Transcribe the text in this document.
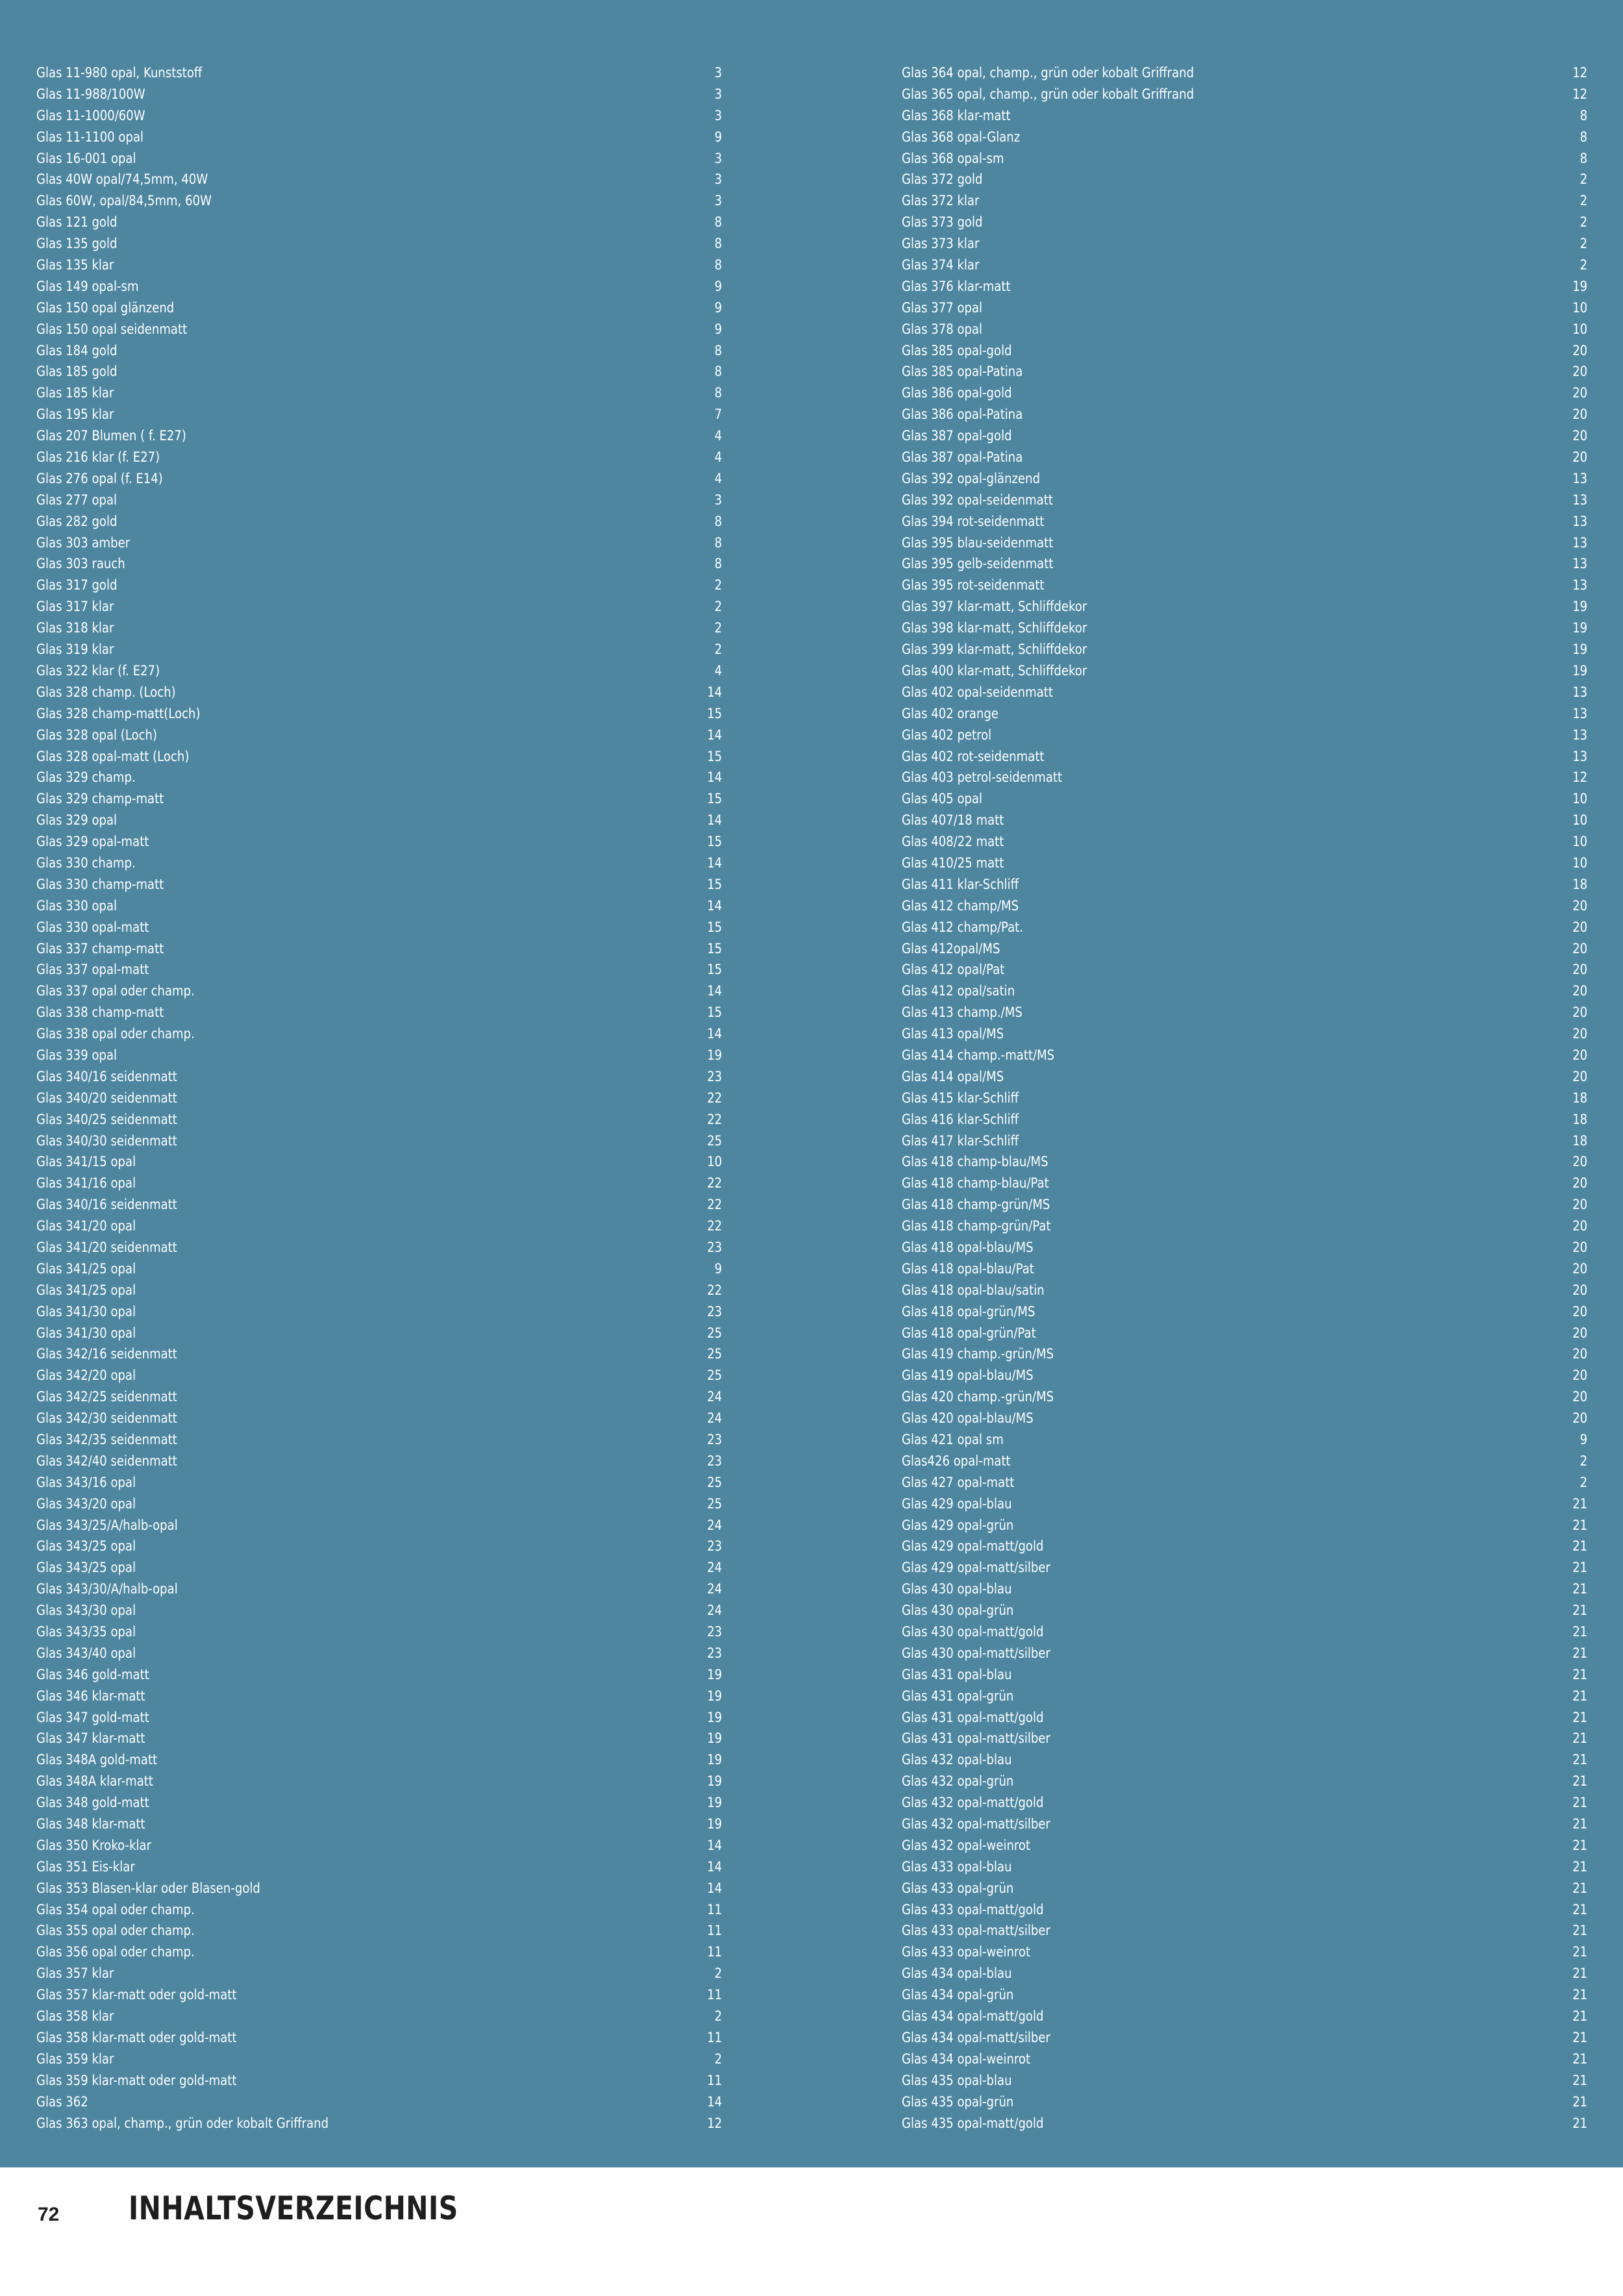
Glas 11-980 opal, Kunststoff	3
Glas 11-988/100W	3
Glas 11-1000/60W	3
Glas 11-1100 opal	9
Glas 16-001 opal	3
Glas 40W opal/74,5mm, 40W	3
Glas 60W, opal/84,5mm, 60W	3
Glas 121 gold	8
Glas 135 gold	8
Glas 135 klar	8
Glas 149 opal-sm	9
Glas 150 opal glänzend	9
Glas 150 opal seidenmatt	9
Glas 184 gold	8
Glas 185 gold	8
Glas 185 klar	8
Glas 195 klar	7
Glas 207 Blumen ( f. E27)	4
Glas 216 klar (f. E27)	4
Glas 276 opal (f. E14)	4
Glas 277 opal	3
Glas 282 gold	8
Glas 303 amber	8
Glas 303 rauch	8
Glas 317 gold	2
Glas 317 klar	2
Glas 318 klar	2
Glas 319 klar	2
Glas 322 klar (f. E27)	4
Glas 328 champ. (Loch)	14
Glas 328 champ-matt(Loch)	15
Glas 328 opal (Loch)	14
Glas 328 opal-matt (Loch)	15
Glas 329 champ.	14
Glas 329 champ-matt	15
Glas 329 opal	14
Glas 329 opal-matt	15
Glas 330 champ.	14
Glas 330 champ-matt	15
Glas 330 opal	14
Glas 330 opal-matt	15
Glas 337 champ-matt	15
Glas 337 opal-matt	15
Glas 337 opal oder champ.	14
Glas 338 champ-matt	15
Glas 338 opal oder champ.	14
Glas 339 opal	19
Glas 340/16 seidenmatt	23
Glas 340/20 seidenmatt	22
Glas 340/25 seidenmatt	22
Glas 340/30 seidenmatt	25
Glas 341/15 opal	10
Glas 341/16 opal	22
Glas 340/16 seidenmatt	22
Glas 341/20 opal	22
Glas 341/20 seidenmatt	23
Glas 341/25 opal	9
Glas 341/25 opal	22
Glas 341/30 opal	23
Glas 341/30 opal	25
Glas 342/16 seidenmatt	25
Glas 342/20 opal	25
Glas 342/25 seidenmatt	24
Glas 342/30 seidenmatt	24
Glas 342/35 seidenmatt	23
Glas 342/40 seidenmatt	23
Glas 343/16 opal	25
Glas 343/20 opal	25
Glas 343/25/A/halb-opal	24
Glas 343/25 opal	23
Glas 343/25 opal	24
Glas 343/30/A/halb-opal	24
Glas 343/30 opal	24
Glas 343/35 opal	23
Glas 343/40 opal	23
Glas 346 gold-matt	19
Glas 346 klar-matt	19
Glas 347 gold-matt	19
Glas 347 klar-matt	19
Glas 348A gold-matt	19
Glas 348A klar-matt	19
Glas 348 gold-matt	19
Glas 348 klar-matt	19
Glas 350 Kroko-klar	14
Glas 351 Eis-klar	14
Glas 353 Blasen-klar oder Blasen-gold	14
Glas 354 opal oder champ.	11
Glas 355 opal oder champ.	11
Glas 356 opal oder champ.	11
Glas 357 klar	2
Glas 357 klar-matt oder gold-matt	11
Glas 358 klar	2
Glas 358 klar-matt oder gold-matt	11
Glas 359 klar	2
Glas 359 klar-matt oder gold-matt	11
Glas 362	14
Glas 363 opal, champ., grün oder kobalt Griffrand	12
Glas 364 opal, champ., grün oder kobalt Griffrand	12
Glas 365 opal, champ., grün oder kobalt Griffrand	12
Glas 368 klar-matt	8
Glas 368 opal-Glanz	8
Glas 368 opal-sm	8
Glas 372 gold	2
Glas 372 klar	2
Glas 373 gold	2
Glas 373 klar	2
Glas 374 klar	2
Glas 376 klar-matt	19
Glas 377 opal	10
Glas 378 opal	10
Glas 385 opal-gold	20
Glas 385 opal-Patina	20
Glas 386 opal-gold	20
Glas 386 opal-Patina	20
Glas 387 opal-gold	20
Glas 387 opal-Patina	20
Glas 392 opal-glänzend	13
Glas 392 opal-seidenmatt	13
Glas 394 rot-seidenmatt	13
Glas 395 blau-seidenmatt	13
Glas 395 gelb-seidenmatt	13
Glas 395 rot-seidenmatt	13
Glas 397 klar-matt, Schliffdekor	19
Glas 398 klar-matt, Schliffdekor	19
Glas 399 klar-matt, Schliffdekor	19
Glas 400 klar-matt, Schliffdekor	19
Glas 402 opal-seidenmatt	13
Glas 402 orange	13
Glas 402 petrol	13
Glas 402 rot-seidenmatt	13
Glas 403 petrol-seidenmatt	12
Glas 405 opal	10
Glas 407/18 matt	10
Glas 408/22 matt	10
Glas 410/25 matt	10
Glas 411 klar-Schliff	18
Glas 412 champ/MS	20
Glas 412 champ/Pat.	20
Glas 412opal/MS	20
Glas 412 opal/Pat	20
Glas 412 opal/satin	20
Glas 413 champ./MS	20
Glas 413 opal/MS	20
Glas 414 champ.-matt/MS	20
Glas 414 opal/MS	20
Glas 415 klar-Schliff	18
Glas 416 klar-Schliff	18
Glas 417 klar-Schliff	18
Glas 418 champ-blau/MS	20
Glas 418 champ-blau/Pat	20
Glas 418 champ-grün/MS	20
Glas 418 champ-grün/Pat	20
Glas 418 opal-blau/MS	20
Glas 418 opal-blau/Pat	20
Glas 418 opal-blau/satin	20
Glas 418 opal-grün/MS	20
Glas 418 opal-grün/Pat	20
Glas 419 champ.-grün/MS	20
Glas 419 opal-blau/MS	20
Glas 420 champ.-grün/MS	20
Glas 420 opal-blau/MS	20
Glas 421 opal sm	9
Glas426 opal-matt	2
Glas 427 opal-matt	2
Glas 429 opal-blau	21
Glas 429 opal-grün	21
Glas 429 opal-matt/gold	21
Glas 429 opal-matt/silber	21
Glas 430 opal-blau	21
Glas 430 opal-grün	21
Glas 430 opal-matt/gold	21
Glas 430 opal-matt/silber	21
Glas 431 opal-blau	21
Glas 431 opal-grün	21
Glas 431 opal-matt/gold	21
Glas 431 opal-matt/silber	21
Glas 432 opal-blau	21
Glas 432 opal-grün	21
Glas 432 opal-matt/gold	21
Glas 432 opal-matt/silber	21
Glas 432 opal-weinrot	21
Glas 433 opal-blau	21
Glas 433 opal-grün	21
Glas 433 opal-matt/gold	21
Glas 433 opal-matt/silber	21
Glas 433 opal-weinrot	21
Glas 434 opal-blau	21
Glas 434 opal-grün	21
Glas 434 opal-matt/gold	21
Glas 434 opal-matt/silber	21
Glas 434 opal-weinrot	21
Glas 435 opal-blau	21
Glas 435 opal-grün	21
Glas 435 opal-matt/gold	21
72 INHALTSVERZEICHNIS
